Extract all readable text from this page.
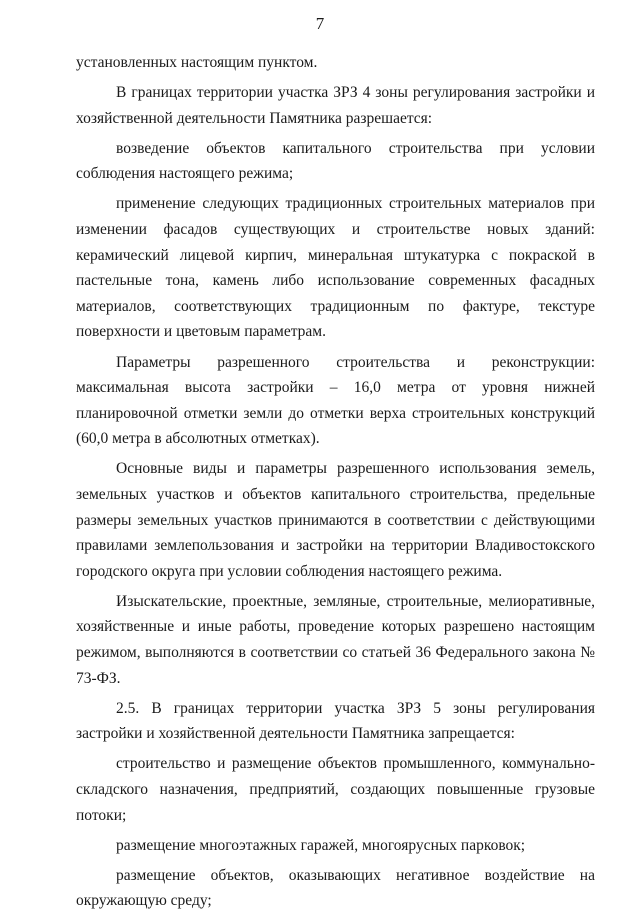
7

установленных настоящим пунктом.

В границах территории участка ЗРЗ 4 зоны регулирования застройки и хозяйственной деятельности Памятника разрешается:

возведение объектов капитального строительства при условии соблюдения настоящего режима;

применение следующих традиционных строительных материалов при изменении фасадов существующих и строительстве новых зданий: керамический лицевой кирпич, минеральная штукатурка с покраской в пастельные тона, камень либо использование современных фасадных материалов, соответствующих традиционным по фактуре, текстуре поверхности и цветовым параметрам.

Параметры разрешенного строительства и реконструкции: максимальная высота застройки – 16,0 метра от уровня нижней планировочной отметки земли до отметки верха строительных конструкций (60,0 метра в абсолютных отметках).

Основные виды и параметры разрешенного использования земель, земельных участков и объектов капитального строительства, предельные размеры земельных участков принимаются в соответствии с действующими правилами землепользования и застройки на территории Владивостокского городского округа при условии соблюдения настоящего режима.

Изыскательские, проектные, земляные, строительные, мелиоративные, хозяйственные и иные работы, проведение которых разрешено настоящим режимом, выполняются в соответствии со статьей 36 Федерального закона № 73-ФЗ.

2.5. В границах территории участка ЗРЗ 5 зоны регулирования застройки и хозяйственной деятельности Памятника запрещается:

строительство и размещение объектов промышленного, коммунально-складского назначения, предприятий, создающих повышенные грузовые потоки;

размещение многоэтажных гаражей, многоярусных парковок;

размещение объектов, оказывающих негативное воздействие на окружающую среду;
